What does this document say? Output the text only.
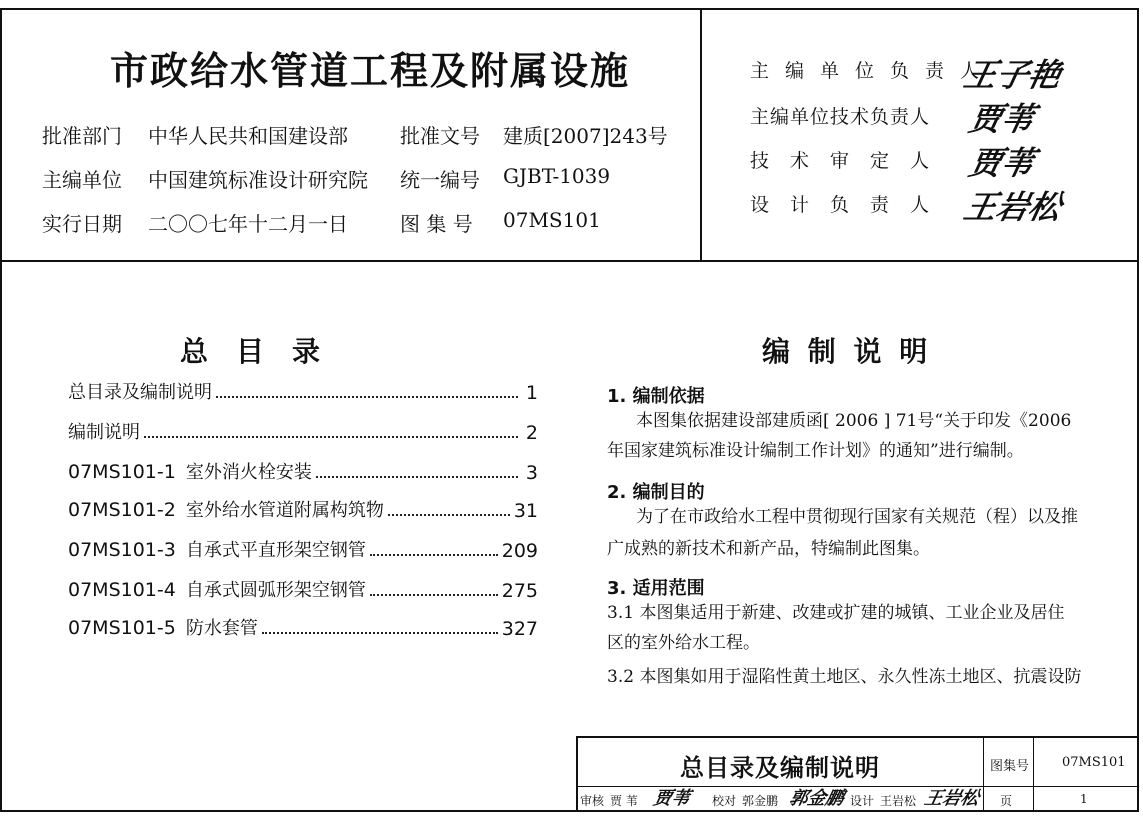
市政给水管道工程及附属设施
批准部门 中华人民共和国建设部	批准文号 建质[2007]243号
主编单位 中国建筑标准设计研究院 统一编号 GJBT-1039
实行日期 二〇〇七年十二月一日	图 集 号 07MS101
主编单位负责人
王子艳
主编单位技术负责人 贾苇
技术审定人 贾苇
设计负责人 王岩松
总　目　录
总目录及编制说明	1
编制说明	2
07MS101-1 室外消火栓安装	3
07MS101-2 室外给水管道附属构筑物	31
07MS101-3 自承式平直形架空钢管	209
07MS101-4 自承式圆弧形架空钢管	275
07MS101-5 防水套管	327
编 制 说 明
1. 编制依据
本图集依据建设部建质函[ 2006 ] 71号“关于印发《2006
年国家建筑标准设计编制工作计划》的通知”进行编制。
2. 编制目的
为了在市政给水工程中贯彻现行国家有关规范（程）以及推
广成熟的新技术和新产品，特编制此图集。
3. 适用范围
3.1 本图集适用于新建、改建或扩建的城镇、工业企业及居住
区的室外给水工程。
3.2 本图集如用于湿陷性黄土地区、永久性冻土地区、抗震设防
总目录及编制说明	图集号	07MS101
审核 贾 苇 贾苇 校对 郭金鹏 郭金鹏 设计 王岩松 王岩松 页	1
